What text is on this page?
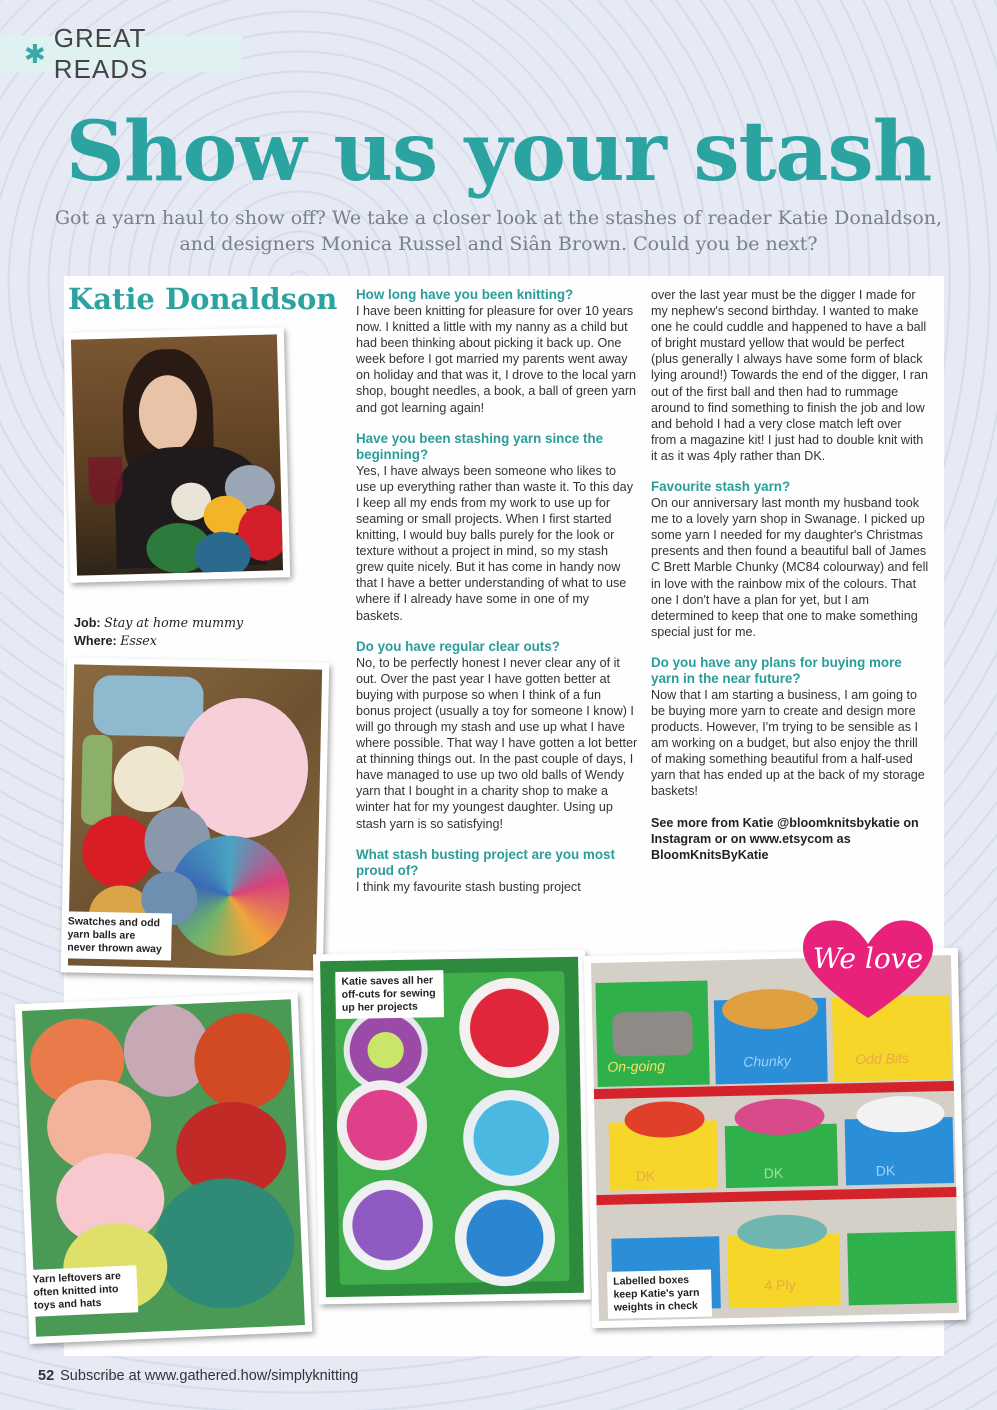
✱
GREAT READS
Show us your stash
Got a yarn haul to show off? We take a closer look at the stashes of reader Katie Donaldson, and designers Monica Russel and Siân Brown. Could you be next?
Katie Donaldson
Job: Stay at home mummy
Where: Essex
Swatches and odd yarn balls are never thrown away
Yarn leftovers are often knitted into toys and hats
Katie saves all her off-cuts for sewing up her projects
On-going	Chunky	Odd Bits
DK	DK	DK
4 Ply
Labelled boxes keep Katie's yarn weights in check
We love
How long have you been knitting?

I have been knitting for pleasure for over 10 years now. I knitted a little with my nanny as a child but had been thinking about picking it back up. One week before I got married my parents went away on holiday and that was it, I drove to the local yarn shop, bought needles, a book, a ball of green yarn and got learning again!

Have you been stashing yarn since the beginning?

Yes, I have always been someone who likes to use up everything rather than waste it. To this day I keep all my ends from my work to use up for seaming or small projects. When I first started knitting, I would buy balls purely for the look or texture without a project in mind, so my stash grew quite nicely. But it has come in handy now that I have a better understanding of what to use where if I already have some in one of my baskets.

Do you have regular clear outs?

No, to be perfectly honest I never clear any of it out. Over the past year I have gotten better at buying with purpose so when I think of a fun bonus project (usually a toy for someone I know) I will go through my stash and use up what I have where possible. That way I have gotten a lot better at thinning things out. In the past couple of days, I have managed to use up two old balls of Wendy yarn that I bought in a charity shop to make a winter hat for my youngest daughter. Using up stash yarn is so satisfying!

What stash busting project are you most proud of?

I think my favourite stash busting project

over the last year must be the digger I made for my nephew's second birthday. I wanted to make one he could cuddle and happened to have a ball of bright mustard yellow that would be perfect (plus generally I always have some form of black lying around!) Towards the end of the digger, I ran out of the first ball and then had to rummage around to find something to finish the job and low and behold I had a very close match left over from a magazine kit! I just had to double knit with it as it was 4ply rather than DK.

Favourite stash yarn?

On our anniversary last month my husband took me to a lovely yarn shop in Swanage. I picked up some yarn I needed for my daughter's Christmas presents and then found a beautiful ball of James C Brett Marble Chunky (MC84 colourway) and fell in love with the rainbow mix of the colours. That one I don't have a plan for yet, but I am determined to keep that one to make something special just for me.

Do you have any plans for buying more yarn in the near future?

Now that I am starting a business, I am going to be buying more yarn to create and design more products. However, I'm trying to be sensible as I am working on a budget, but also enjoy the thrill of making something beautiful from a half-used yarn that has ended up at the back of my storage baskets!

See more from Katie @bloomknitsbykatie on Instagram or on www.etsycom as BloomKnitsByKatie

52 Subscribe at www.gathered.how/simplyknitting
